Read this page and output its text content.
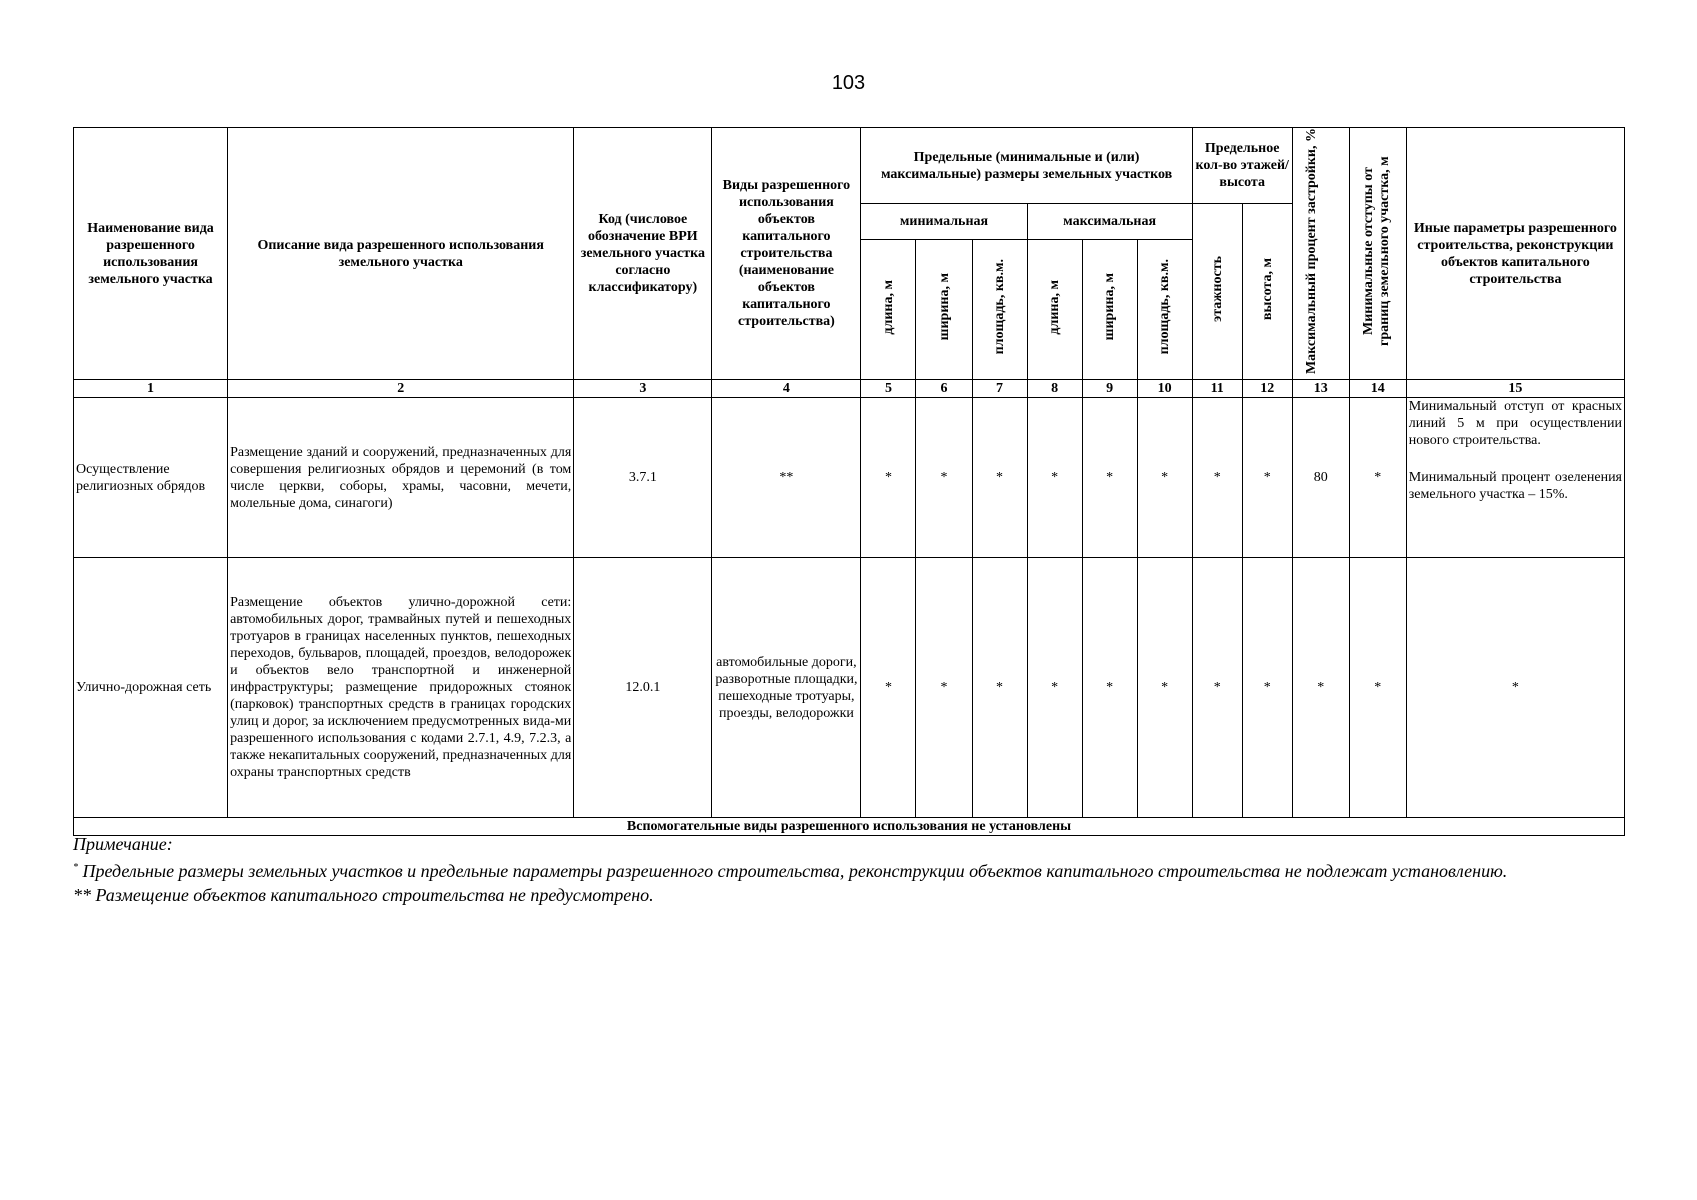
103
Наименование вида разрешенного использования земельного участка	Описание вида разрешенного использования земельного участка	Код (числовое обозначение ВРИ земельного участка согласно классификатору)	Виды разрешенного использования объектов капитального строительства (наименование объектов капитального строительства)	Предельные (минимальные и (или) максимальные) размеры земельных участков						Предельное кол-во этажей/ высота		Максимальный процент застройки, %	Минимальные отступы от границ земельного участка, м	Иные параметры разрешенного строительства, реконструкции объектов капитального строительства
				минимальная			максимальная			этажность	высота, м			
				длина, м	ширина, м	площадь, кв.м.	длина, м	ширина, м	площадь, кв.м.					
1	2	3	4	5	6	7	8	9	10	11	12	13	14	15
Осуществление религиозных обрядов	Размещение зданий и сооружений, предназначенных для совершения религиозных обрядов и церемоний (в том числе церкви, соборы, храмы, часовни, мечети, молельные дома, синагоги)	3.7.1	**	*	*	*	*	*	*	*	*	80	*	Минимальный отступ от красных линий 5 м при осуществлении нового строительства.
Минимальный процент озеленения земельного участка – 15%.

Улично-дорожная сеть	Размещение объектов улично-дорожной сети: автомобильных дорог, трамвайных путей и пешеходных тротуаров в границах населенных пунктов, пешеходных переходов, бульваров, площадей, проездов, велодорожек и объектов вело транспортной и инженерной инфраструктуры; размещение придорожных стоянок (парковок) транспортных средств в границах городских улиц и дорог, за исключением предусмотренных вида-ми разрешенного использования с кодами 2.7.1, 4.9, 7.2.3, а также некапитальных сооружений, предназначенных для охраны транспортных средств	12.0.1	автомобильные дороги, разворотные площадки, пешеходные тротуары, проезды, велодорожки	*	*	*	*	*	*	*	*	*	*	*
Вспомогательные виды разрешенного использования не установлены														

Примечание:

* Предельные размеры земельных участков и предельные параметры разрешенного строительства, реконструкции объектов капитального строительства не подлежат установлению.

** Размещение объектов капитального строительства не предусмотрено.
